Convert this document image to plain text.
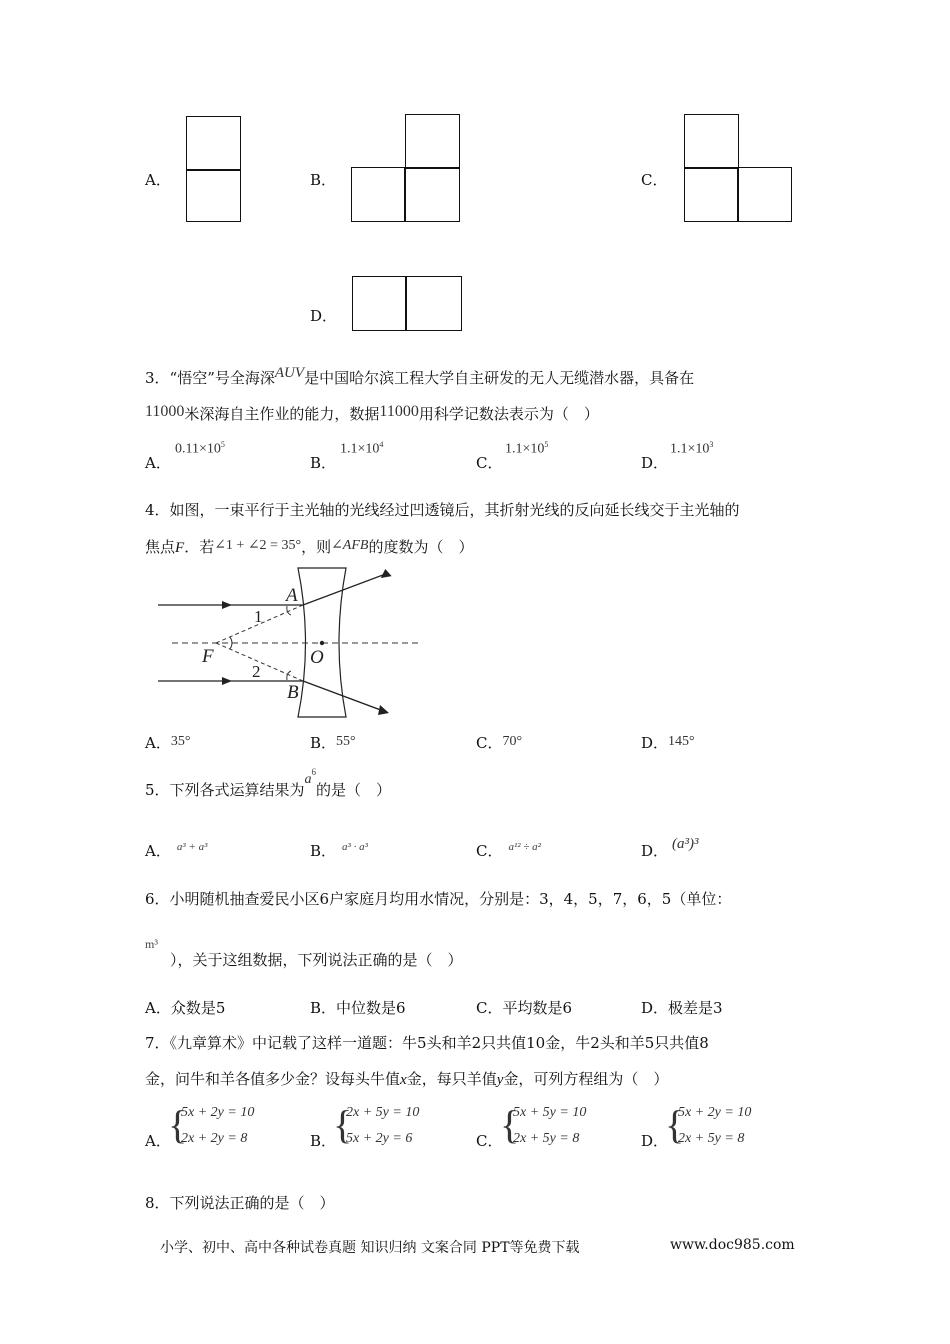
A．	B．	C．
D．
3．“悟空”号全海深AUV是中国哈尔滨工程大学自主研发的无人无缆潜水器，具备在
11000米深海自主作业的能力，数据11000用科学记数法表示为（　）
A．
$0.11\times 10^5$
B．
$1.1\times 10^4$
C．
$1.1\times 10^5$
D．
$1.1\times 10^3$
4．如图，一束平行于主光轴的光线经过凹透镜后，其折射光线的反向延长线交于主光轴的
焦点F．若∠1 + ∠2 = 35°，则∠AFB的度数为（　）
A
B
F	O
1
2
A．35°	B．55°	C．70°	D．145°
5．下列各式运算结果为$a^6$的是（　）
A． $^{a^3 + a^3}$	B． $^{a^3 \cdot a^3}$	C． $^{a^{12} \div a^2}$	D． (a³)³
6．小明随机抽查爱民小区6户家庭月均用水情况，分别是：3，4，5，7，6，5（单位：
m³
），关于这组数据，下列说法正确的是（　）
A．众数是5	B．中位数是6	C．平均数是6	D．极差是3
7．《九章算术》中记载了这样一道题：牛5头和羊2只共值10金，牛2头和羊5只共值8
金，问牛和羊各值多少金？设每头牛值x金，每只羊值y金，可列方程组为（　）
A．
{
5x + 2y = 10
2x + 2y = 8	B．
{
2x + 5y = 10
5x + 2y = 6	C．
{
5x + 5y = 10
2x + 5y = 8	D．
{
5x + 2y = 10
2x + 5y = 8
8．下列说法正确的是（　）
小学、初中、高中各种试卷真题 知识归纳 文案合同 PPT等免费下载	www.doc985.com
